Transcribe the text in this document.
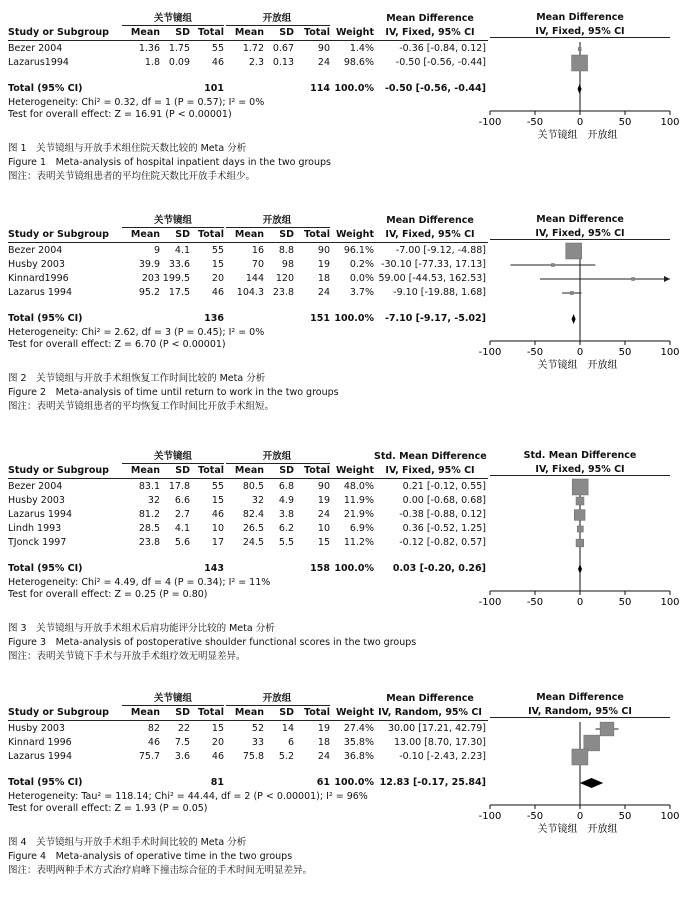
关节镜组	开放组	Mean Difference
Study or Subgroup	Mean	SD Total	Mean	SD	Total Weight	IV, Fixed, 95% CI
Bezer 2004	1.36 1.75	55	1.72 0.67	90	1.4%	-0.36 [-0.84, 0.12]
Lazarus1994	1.8 0.09	46	2.3 0.13	24	98.6%	-0.50 [-0.56, -0.44]
Total (95% CI)	101	114 100.0%	-0.50 [-0.56, -0.44]
Heterogeneity: Chi² = 0.32, df = 1 (P = 0.57); I² = 0%
Test for overall effect: Z = 16.91 (P < 0.00001)
Mean Difference
IV, Fixed, 95% CI
-100	-50	0	50	100
关节镜组 开放组
图 1　关节镜组与开放手术组住院天数比较的 Meta 分析
Figure 1　Meta-analysis of hospital inpatient days in the two groups
图注：表明关节镜组患者的平均住院天数比开放手术组少。
关节镜组	开放组	Mean Difference
Study or Subgroup	Mean	SD Total	Mean	SD	Total Weight	IV, Fixed, 95% CI
Bezer 2004	9	4.1	55	16	8.8	90	96.1%	-7.00 [-9.12, -4.88]
Husby 2003	39.9 33.6	15	70	98	19	0.2% -30.10 [-77.33, 17.13]
Kinnard1996	203 199.5	20	144	120	18	0.0% 59.00 [-44.53, 162.53]
Lazarus 1994	95.2 17.5	46	104.3 23.8	24	3.7%	-9.10 [-19.88, 1.68]
Total (95% CI)	136	151 100.0%	-7.10 [-9.17, -5.02]
Heterogeneity: Chi² = 2.62, df = 3 (P = 0.45); I² = 0%
Test for overall effect: Z = 6.70 (P < 0.00001)
Mean Difference
IV, Fixed, 95% CI
-100	-50	0	50	100
关节镜组 开放组
图 2　关节镜组与开放手术组恢复工作时间比较的 Meta 分析
Figure 2　Meta-analysis of time until return to work in the two groups
图注：表明关节镜组患者的平均恢复工作时间比开放手术组短。
关节镜组	开放组	Std. Mean Difference
Study or Subgroup	Mean	SD Total	Mean	SD	Total Weight	IV, Fixed, 95% CI
Bezer 2004	83.1 17.8	55	80.5	6.8	90	48.0%	0.21 [-0.12, 0.55]
Husby 2003	32	6.6	15	32	4.9	19	11.9%	0.00 [-0.68, 0.68]
Lazarus 1994	81.2	2.7	46	82.4	3.8	24	21.9%	-0.38 [-0.88, 0.12]
Lindh 1993	28.5	4.1	10	26.5	6.2	10	6.9%	0.36 [-0.52, 1.25]
TJonck 1997	23.8	5.6	17	24.5	5.5	15	11.2%	-0.12 [-0.82, 0.57]
Total (95% CI)	143	158 100.0%	0.03 [-0.20, 0.26]
Heterogeneity: Chi² = 4.49, df = 4 (P = 0.34); I² = 11%
Test for overall effect: Z = 0.25 (P = 0.80)
Std. Mean Difference
IV, Fixed, 95% CI
-100	-50	0	50	100
图 3　关节镜组与开放手术组术后肩功能评分比较的 Meta 分析
Figure 3　Meta-analysis of postoperative shoulder functional scores in the two groups
图注：表明关节镜下手术与开放手术组疗效无明显差异。
关节镜组	开放组	Mean Difference
Study or Subgroup	Mean	SD Total	Mean	SD	Total Weight IV, Random, 95% CI
Husby 2003	82	22	15	52	14	19	27.4%	30.00 [17.21, 42.79]
Kinnard 1996	46	7.5	20	33	6	18	35.8%	13.00 [8.70, 17.30]
Lazarus 1994	75.7	3.6	46	75.8	5.2	24	36.8%	-0.10 [-2.43, 2.23]
Total (95% CI)	81	61 100.0% 12.83 [-0.17, 25.84]
Heterogeneity: Tau² = 118.14; Chi² = 44.44, df = 2 (P < 0.00001); I² = 96%
Test for overall effect: Z = 1.93 (P = 0.05)
Mean Difference
IV, Random, 95% CI
-100	-50	0	50	100
关节镜组 开放组
图 4　关节镜组与开放手术组手术时间比较的 Meta 分析
Figure 4　Meta-analysis of operative time in the two groups
图注：表明两种手术方式治疗肩峰下撞击综合征的手术时间无明显差异。
